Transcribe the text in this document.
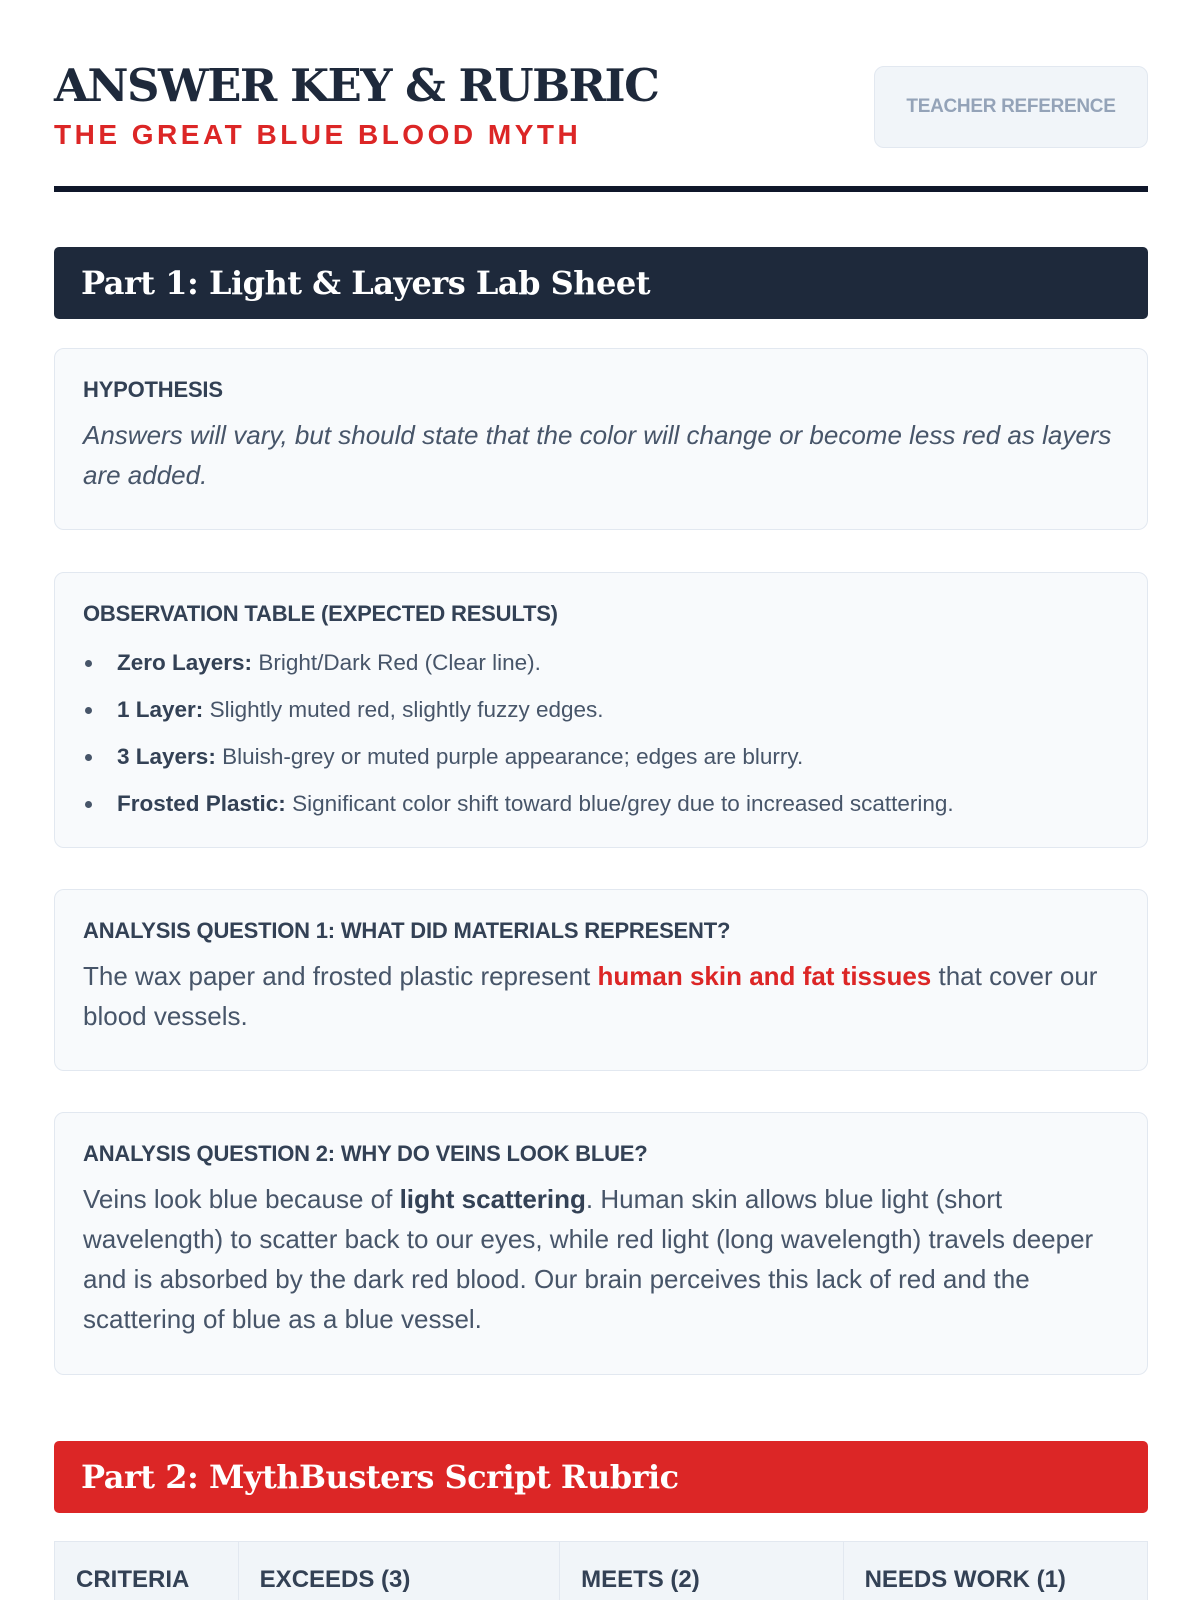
ANSWER KEY & RUBRIC
THE GREAT BLUE BLOOD MYTH
TEACHER REFERENCE
Part 1: Light & Layers Lab Sheet
HYPOTHESIS

Answers will vary, but should state that the color will change or become less red as layers are added.

OBSERVATION TABLE (EXPECTED RESULTS)
Zero Layers: Bright/Dark Red (Clear line).
1 Layer: Slightly muted red, slightly fuzzy edges.
3 Layers: Bluish-grey or muted purple appearance; edges are blurry.
Frosted Plastic: Significant color shift toward blue/grey due to increased scattering.
ANALYSIS QUESTION 1: WHAT DID MATERIALS REPRESENT?

The wax paper and frosted plastic represent human skin and fat tissues that cover our blood vessels.

ANALYSIS QUESTION 2: WHY DO VEINS LOOK BLUE?

Veins look blue because of light scattering. Human skin allows blue light (short wavelength) to scatter back to our eyes, while red light (long wavelength) travels deeper and is absorbed by the dark red blood. Our brain perceives this lack of red and the scattering of blue as a blue vessel.

Part 2: MythBusters Script Rubric
CRITERIA	EXCEEDS (3)	MEETS (2)	NEEDS WORK (1)
